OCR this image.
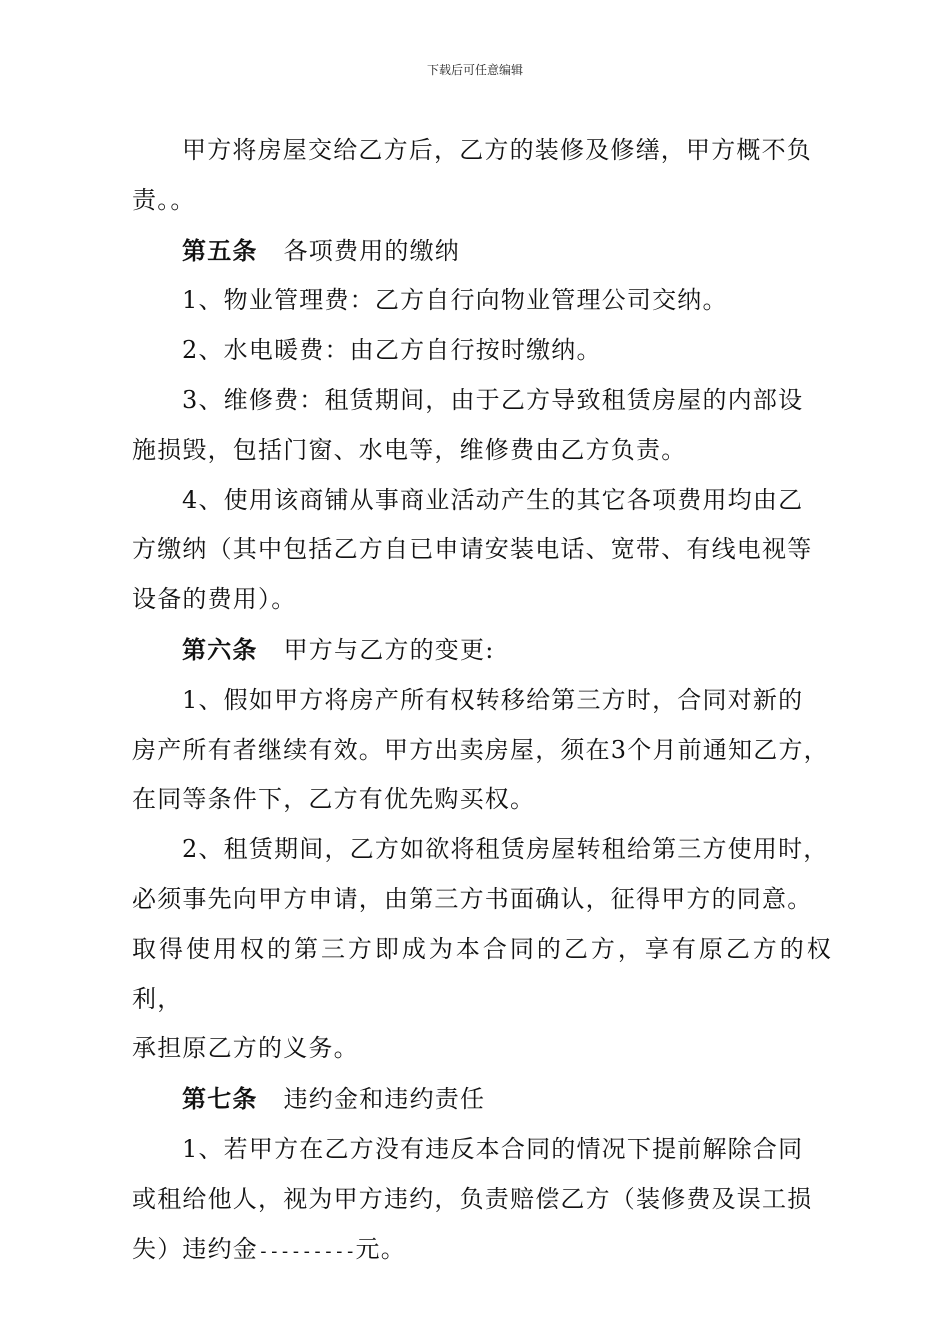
下载后可任意编辑

甲方将房屋交给乙方后，乙方的装修及修缮，甲方概不负
责。。

第五条 各项费用的缴纳

1、物业管理费：乙方自行向物业管理公司交纳。

2、水电暖费：由乙方自行按时缴纳。

3、维修费：租赁期间，由于乙方导致租赁房屋的内部设
施损毁，包括门窗、水电等，维修费由乙方负责。

4、使用该商铺从事商业活动产生的其它各项费用均由乙
方缴纳（其中包括乙方自已申请安装电话、宽带、有线电视等
设备的费用）。

第六条 甲方与乙方的变更:

1、假如甲方将房产所有权转移给第三方时，合同对新的
房产所有者继续有效。甲方出卖房屋，须在3个月前通知乙方，
在同等条件下，乙方有优先购买权。

2、租赁期间，乙方如欲将租赁房屋转租给第三方使用时，
必须事先向甲方申请，由第三方书面确认，征得甲方的同意。
取得使用权的第三方即成为本合同的乙方，享有原乙方的权利，
承担原乙方的义务。

第七条 违约金和违约责任

1、若甲方在乙方没有违反本合同的情况下提前解除合同
或租给他人，视为甲方违约，负责赔偿乙方（装修费及误工损
失）违约金---------元。
